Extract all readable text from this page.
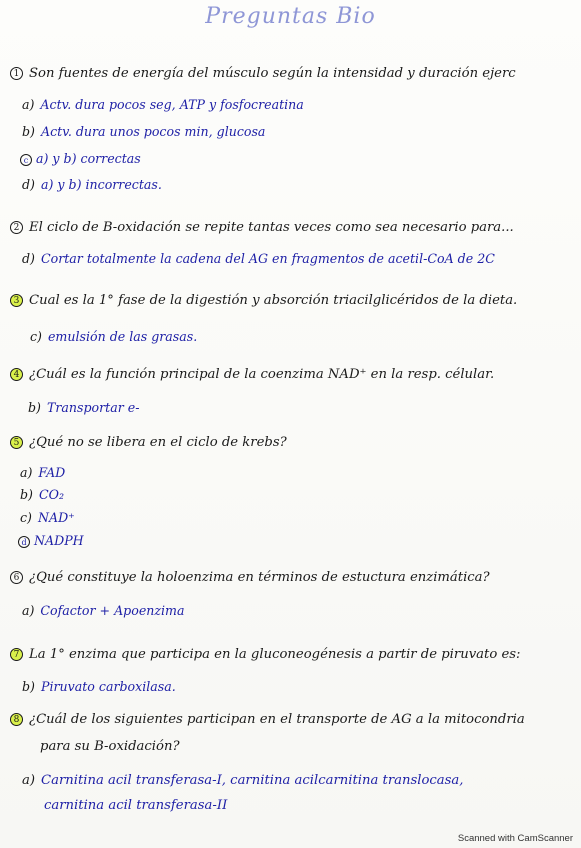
Preguntas Bio
1 Son fuentes de energía del músculo según la intensidad y duración ejerc
a) Actv. dura pocos seg, ATP y fosfocreatina
b) Actv. dura unos pocos min, glucosa
c a) y b) correctas
d) a) y b) incorrectas.
2 El ciclo de B-oxidación se repite tantas veces como sea necesario para...
d) Cortar totalmente la cadena del AG en fragmentos de acetil-CoA de 2C
3 Cual es la 1° fase de la digestión y absorción triacilglicéridos de la dieta.
c) emulsión de las grasas.
4 ¿Cuál es la función principal de la coenzima NAD⁺ en la resp. célular.
b) Transportar e-
5 ¿Qué no se libera en el ciclo de krebs?
a) FAD
b) CO₂
c) NAD⁺
d NADPH
6 ¿Qué constituye la holoenzima en términos de estuctura enzimática?
a) Cofactor + Apoenzima
7 La 1° enzima que participa en la gluconeogénesis a partir de piruvato es:
b) Piruvato carboxilasa.
8 ¿Cuál de los siguientes participan en el transporte de AG a la mitocondria
para su B-oxidación?
a) Carnitina acil transferasa-I, carnitina acilcarnitina translocasa,
carnitina acil transferasa-II
Scanned with CamScanner
